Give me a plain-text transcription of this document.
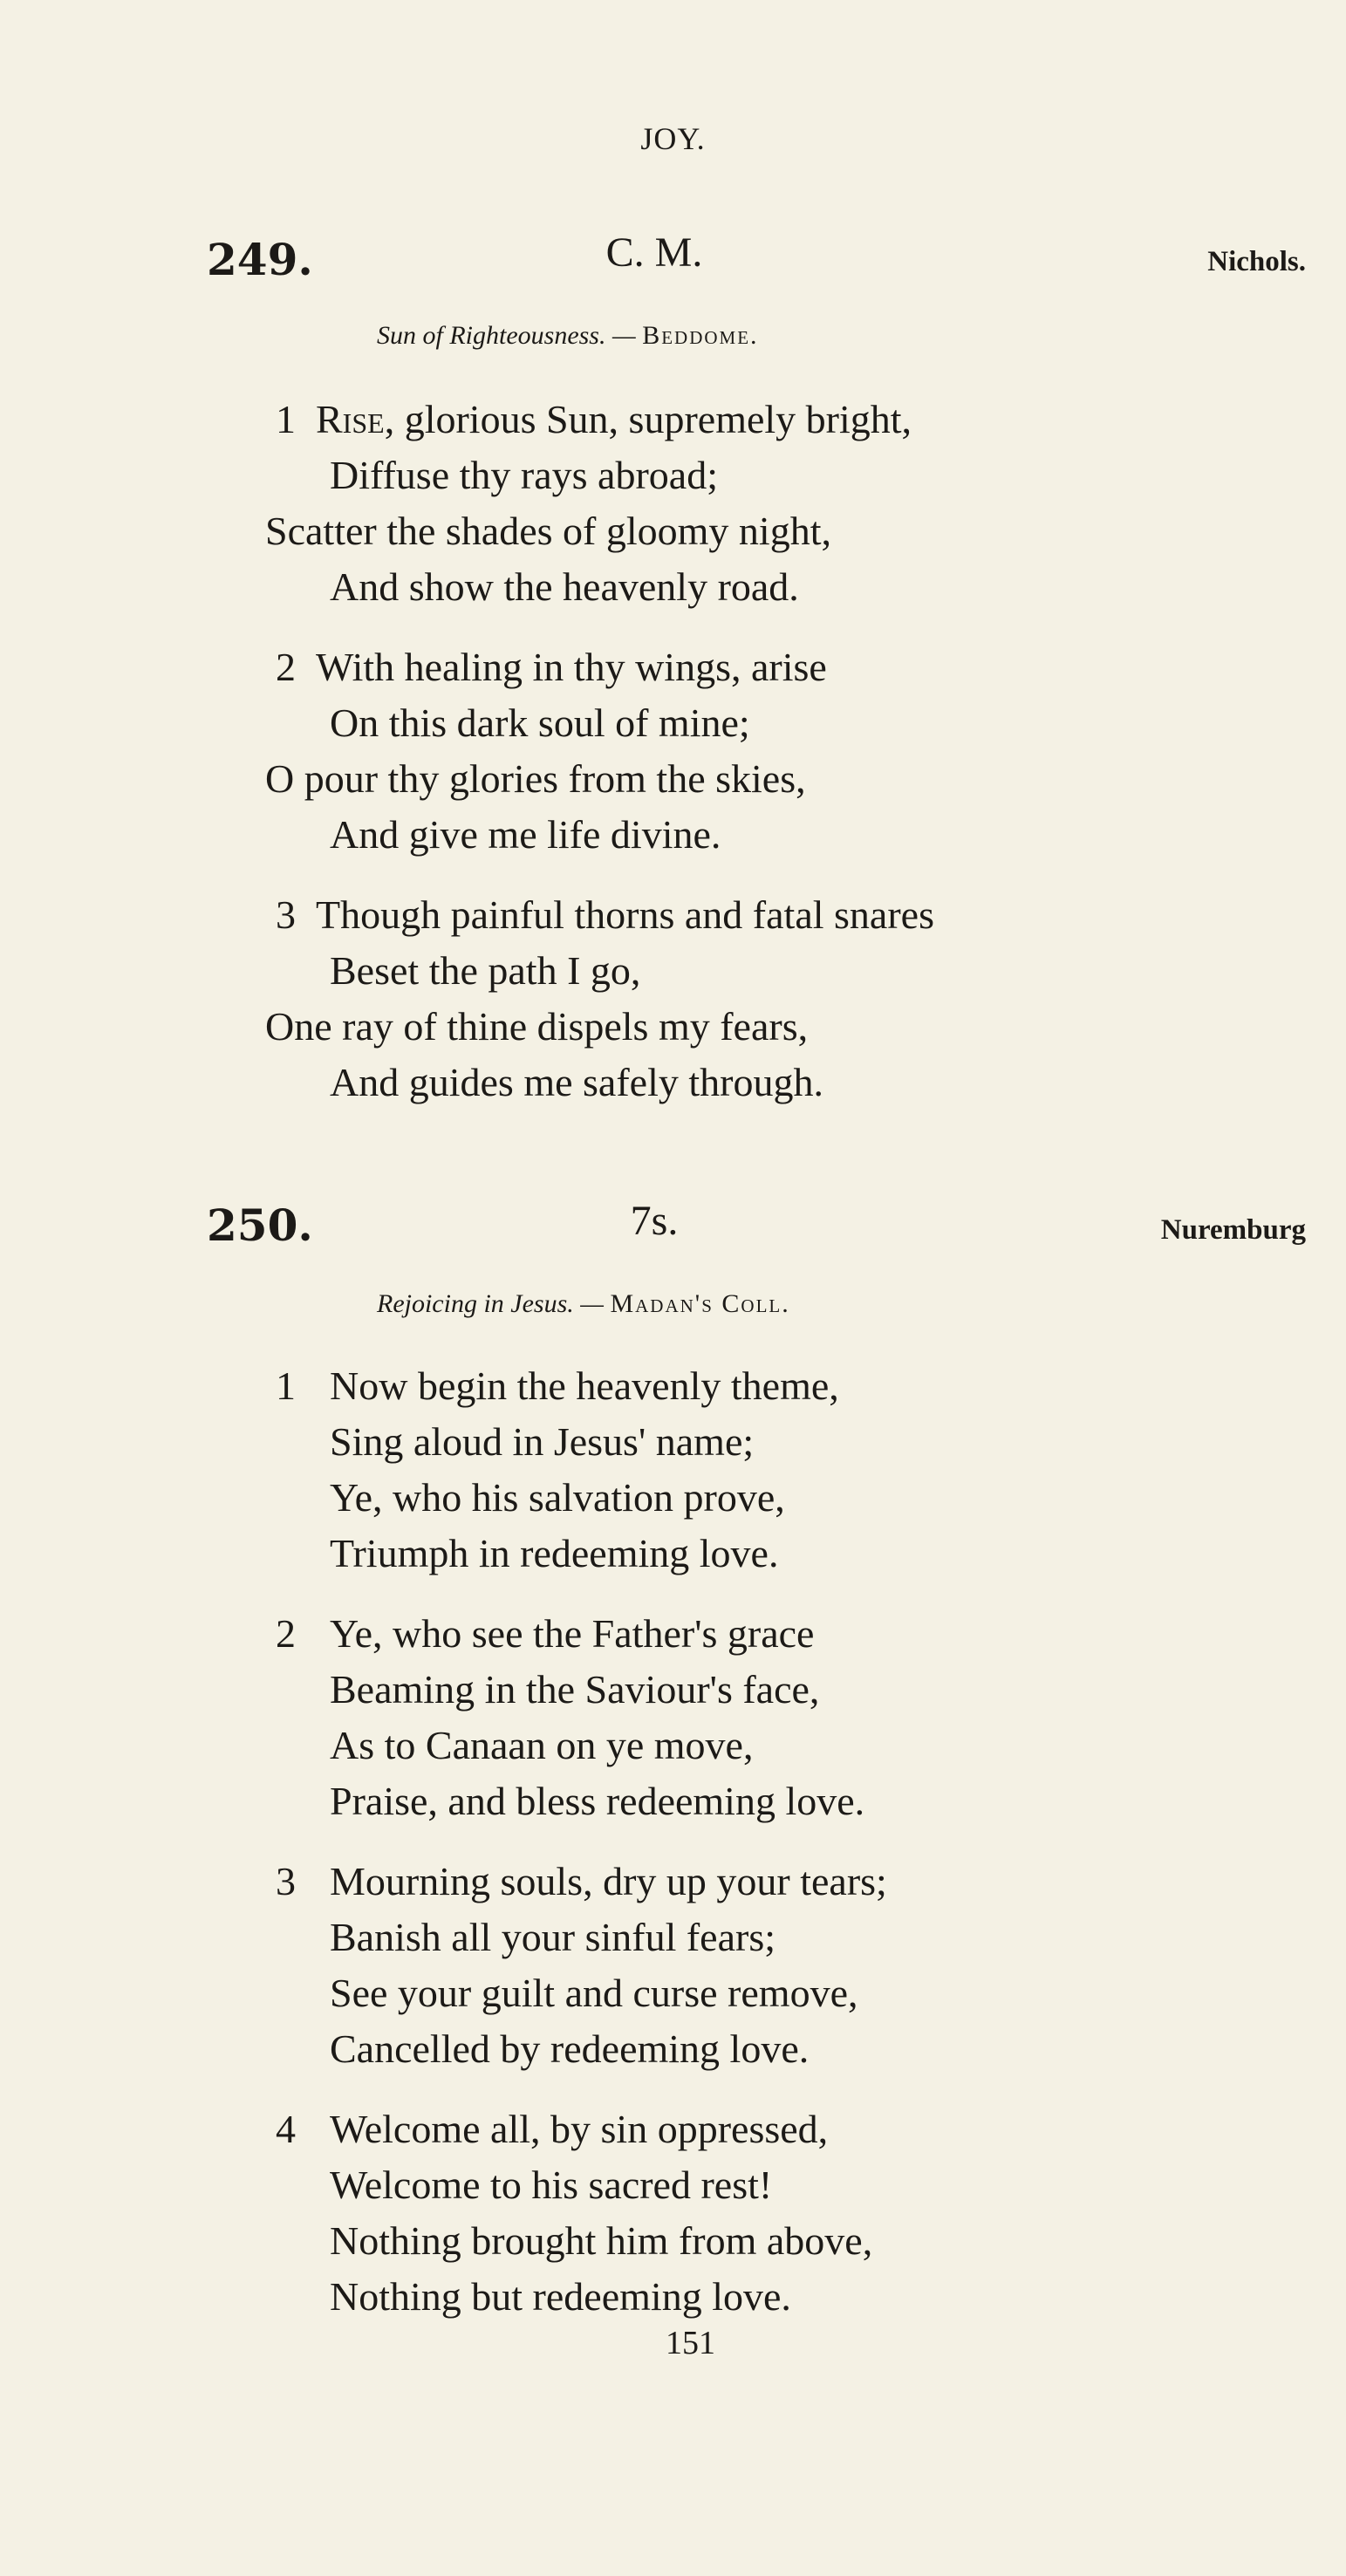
JOY.
249.	C. M.	Nichols.
Sun of Righteousness. — Beddome.
1 Rise, glorious Sun, supremely bright,
Diffuse thy rays abroad;
Scatter the shades of gloomy night,
And show the heavenly road.
2 With healing in thy wings, arise
On this dark soul of mine;
O pour thy glories from the skies,
And give me life divine.
3 Though painful thorns and fatal snares
Beset the path I go,
One ray of thine dispels my fears,
And guides me safely through.
250.	7s.	Nuremburg
Rejoicing in Jesus. — Madan's Coll.
1 Now begin the heavenly theme,
Sing aloud in Jesus' name;
Ye, who his salvation prove,
Triumph in redeeming love.
2 Ye, who see the Father's grace
Beaming in the Saviour's face,
As to Canaan on ye move,
Praise, and bless redeeming love.
3 Mourning souls, dry up your tears;
Banish all your sinful fears;
See your guilt and curse remove,
Cancelled by redeeming love.
4 Welcome all, by sin oppressed,
Welcome to his sacred rest!
Nothing brought him from above,
Nothing but redeeming love.
151
